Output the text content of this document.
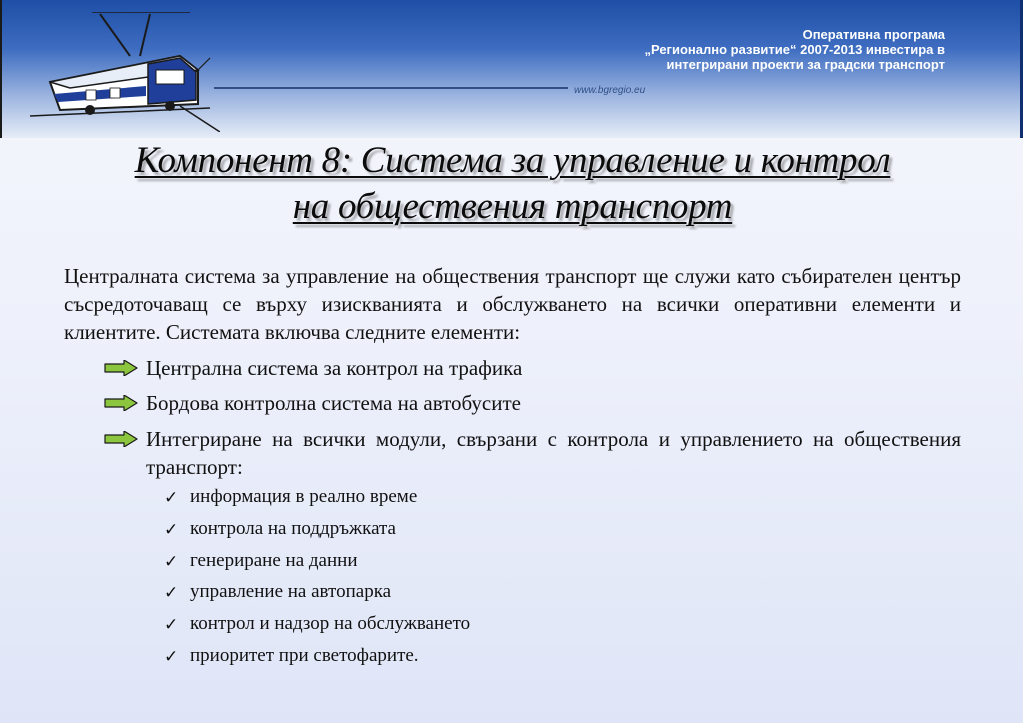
Оперативна програма
„Регионално развитие“ 2007-2013 инвестира в
интегрирани проекти за градски транспорт
www.bgregio.eu
Компонент 8: Система за управление и контрол
на обществения транспорт
Централната система за управление на обществения транспорт ще служи като събирателен център съсредоточаващ се върху изискванията и обслужването на всички оперативни елементи и клиентите. Системата включва следните елементи:
Централна система за контрол на трафика
Бордова контролна система на автобусите
Интегриране на всички модули, свързани с контрола и управлението на обществения транспорт:
✓ информация в реално време
✓ контрола на поддръжката
✓ генериране на данни
✓ управление на автопарка
✓ контрол и надзор на обслужването
✓ приоритет при светофарите.
